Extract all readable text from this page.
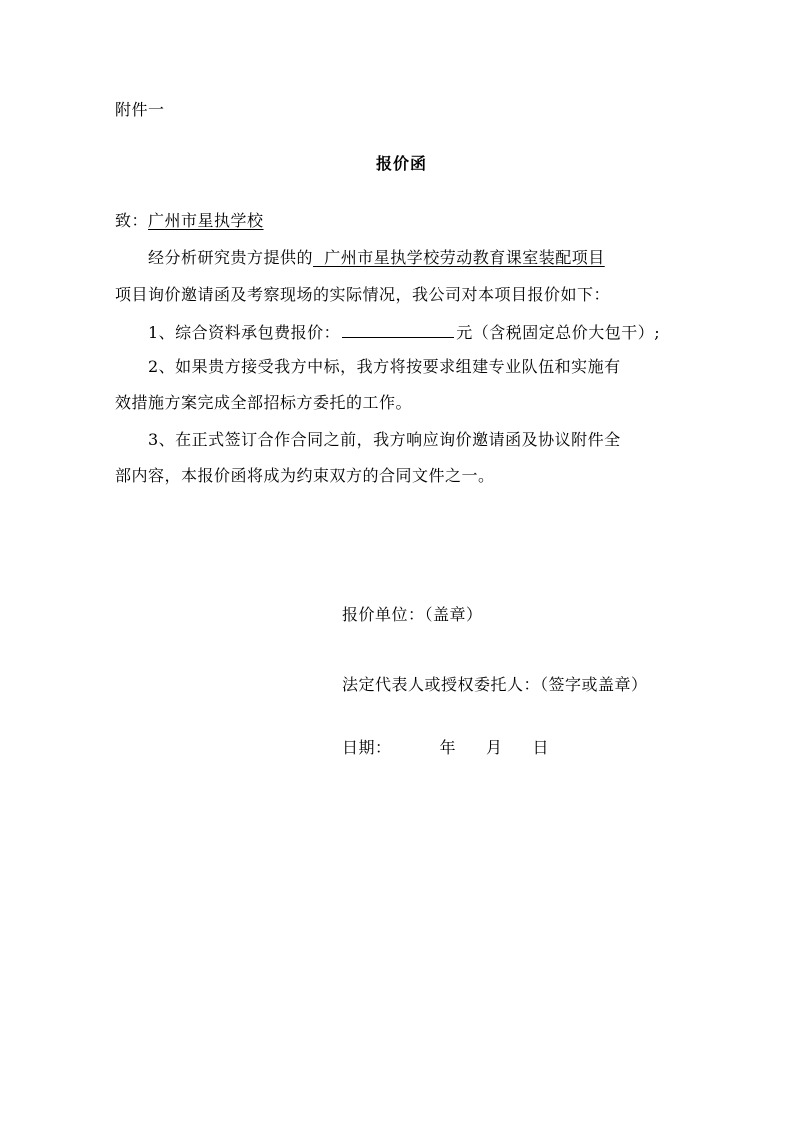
附件一
报价函
致：广州市星执学校
经分析研究贵方提供的  广州市星执学校劳动教育课室装配项目
项目询价邀请函及考察现场的实际情况，我公司对本项目报价如下：
1、综合资料承包费报价：	元（含税固定总价大包干）;
2、如果贵方接受我方中标，我方将按要求组建专业队伍和实施有
效措施方案完成全部招标方委托的工作。
3、在正式签订合作合同之前，我方响应询价邀请函及协议附件全
部内容，本报价函将成为约束双方的合同文件之一。
报价单位：（盖章）
法定代表人或授权委托人：（签字或盖章）
日期：	年 月 日
